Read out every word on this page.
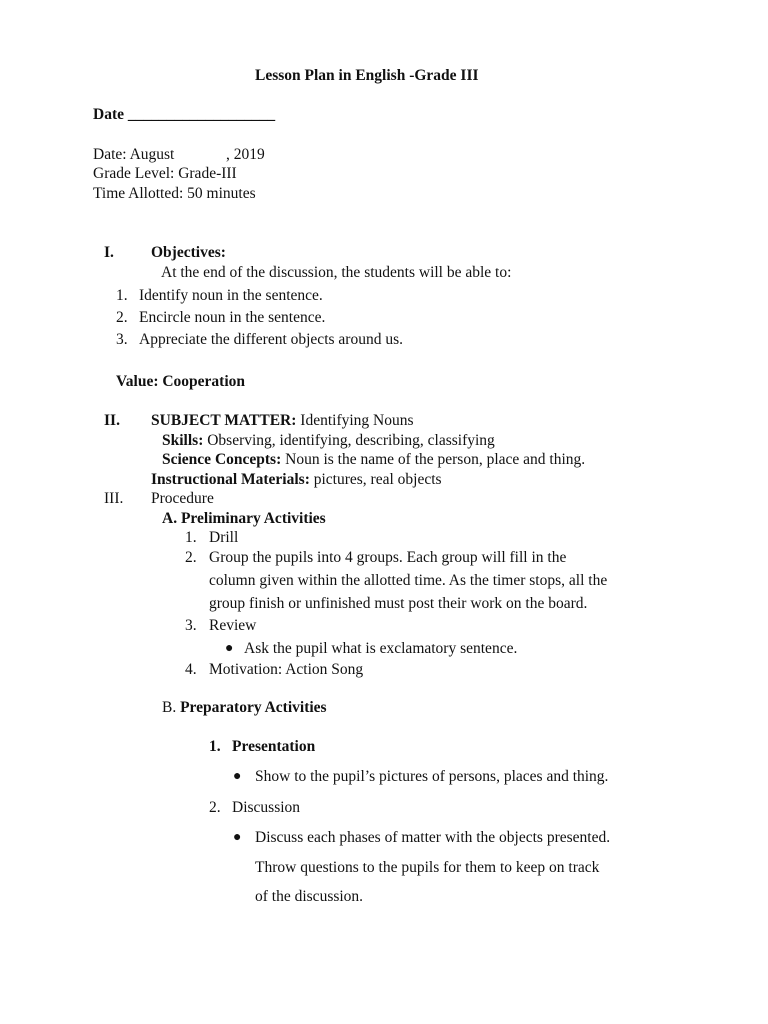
Lesson Plan in English -Grade III
Date ___________________
Date: August	, 2019
Grade Level: Grade-III
Time Allotted: 50 minutes
I. Objectives:
At the end of the discussion, the students will be able to:
1. Identify noun in the sentence.
2. Encircle noun in the sentence.
3. Appreciate the different objects around us.
Value: Cooperation
II. SUBJECT MATTER: Identifying Nouns
Skills: Observing, identifying, describing, classifying
Science Concepts: Noun is the name of the person, place and thing.
Instructional Materials: pictures, real objects
III. Procedure
A. Preliminary Activities
1. Drill
2. Group the pupils into 4 groups. Each group will fill in the
column given within the allotted time. As the timer stops, all the
group finish or unfinished must post their work on the board.
3. Review
● Ask the pupil what is exclamatory sentence.
4. Motivation: Action Song
B. Preparatory Activities
1. Presentation
● Show to the pupil’s pictures of persons, places and thing.
2. Discussion
● Discuss each phases of matter with the objects presented.
Throw questions to the pupils for them to keep on track
of the discussion.
